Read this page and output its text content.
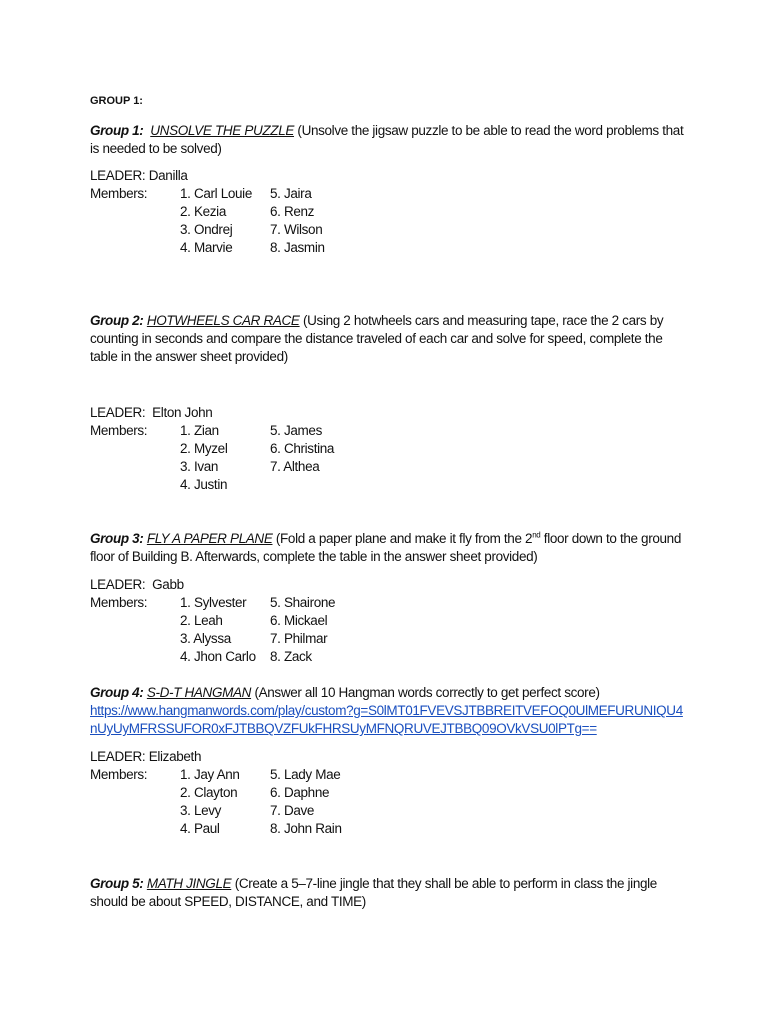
GROUP 1:

Group 1: UNSOLVE THE PUZZLE (Unsolve the jigsaw puzzle to be able to read the word problems that is needed to be solved)

LEADER:
Danilla
Members:	1. Carl Louie	5. Jaira
2. Kezia	6. Renz
3. Ondrej	7. Wilson
4. Marvie	8. Jasmin

Group 2: HOTWHEELS CAR RACE (Using 2 hotwheels cars and measuring tape, race the 2 cars by counting in seconds and compare the distance traveled of each car and solve for speed, complete the table in the answer sheet provided)

LEADER:
Elton John
Members:	1. Zian	5. James
2. Myzel	6. Christina
3. Ivan	7. Althea
4. Justin

Group 3: FLY A PAPER PLANE (Fold a paper plane and make it fly from the 2nd floor down to the ground floor of Building B. Afterwards, complete the table in the answer sheet provided)

LEADER:
Gabb
Members:	1. Sylvester	5. Shairone
2. Leah	6. Mickael
3. Alyssa	7. Philmar
4. Jhon Carlo	8. Zack

Group 4: S-D-T HANGMAN (Answer all 10 Hangman words correctly to get perfect score)
https://www.hangmanwords.com/play/custom?g=S0lMT01FVEVSJTBBREITVEFOQ0UlMEFURUNIQU4nUyUyMFRSSUFOR0xFJTBBQVZFUkFHRSUyMFNQRUVEJTBBQ09OVkVSU0lPTg==

LEADER:
Elizabeth
Members:	1. Jay Ann	5. Lady Mae
2. Clayton	6. Daphne
3. Levy	7. Dave
4. Paul	8. John Rain

Group 5: MATH JINGLE (Create a 5–7-line jingle that they shall be able to perform in class the jingle should be about SPEED, DISTANCE, and TIME)
